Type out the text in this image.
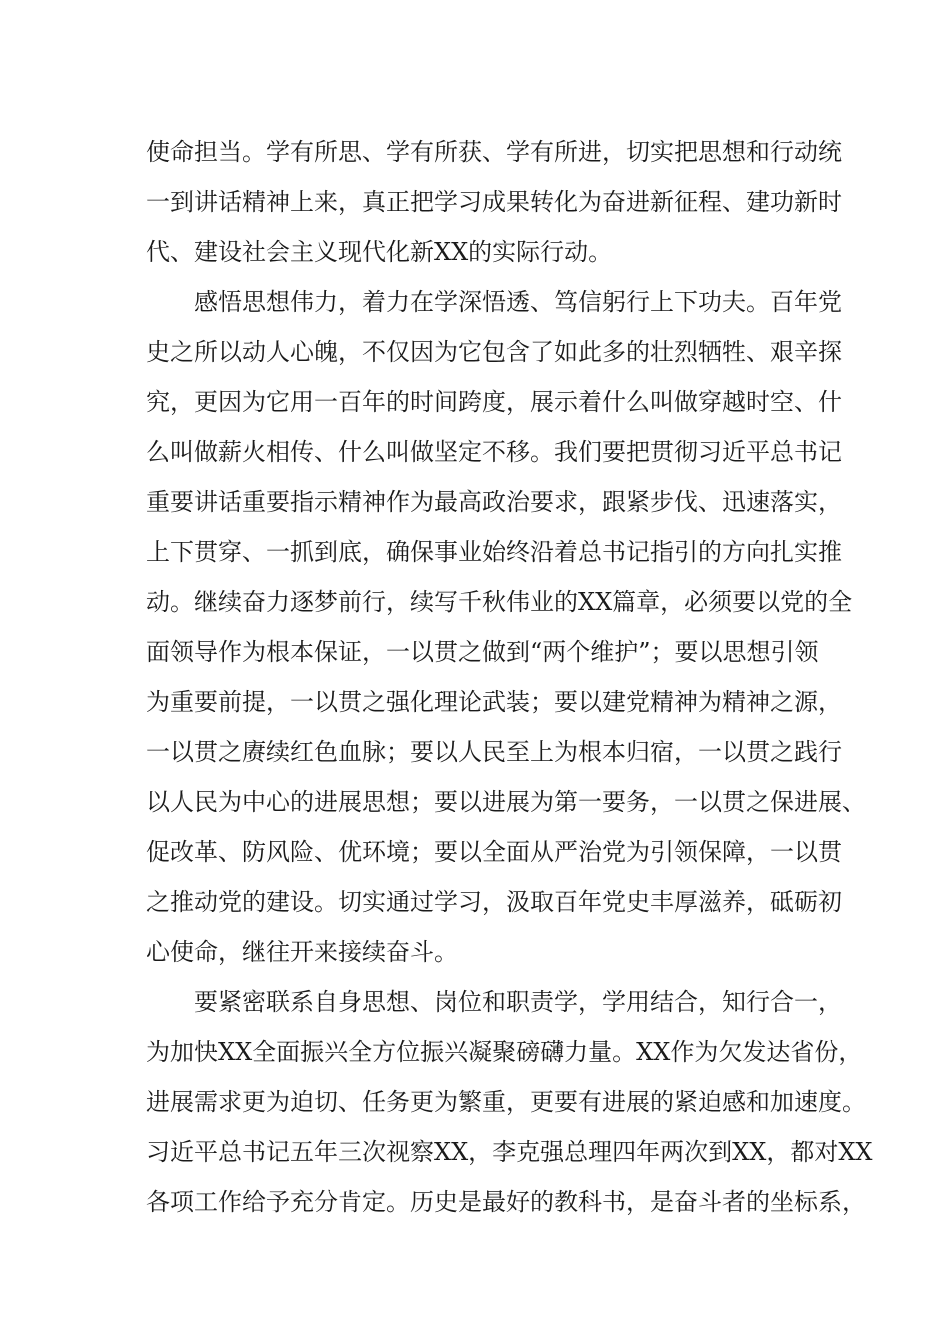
使命担当。学有所思、学有所获、学有所进，切实把思想和行动统
一到讲话精神上来，真正把学习成果转化为奋进新征程、建功新时
代、建设社会主义现代化新XX的实际行动。
感悟思想伟力，着力在学深悟透、笃信躬行上下功夫。百年党
史之所以动人心魄，不仅因为它包含了如此多的壮烈牺牲、艰辛探
究，更因为它用一百年的时间跨度，展示着什么叫做穿越时空、什
么叫做薪火相传、什么叫做坚定不移。我们要把贯彻习近平总书记
重要讲话重要指示精神作为最高政治要求，跟紧步伐、迅速落实，
上下贯穿、一抓到底，确保事业始终沿着总书记指引的方向扎实推
动。继续奋力逐梦前行，续写千秋伟业的XX篇章，必须要以党的全
面领导作为根本保证，一以贯之做到“两个维护”；要以思想引领
为重要前提，一以贯之强化理论武装；要以建党精神为精神之源，
一以贯之赓续红色血脉；要以人民至上为根本归宿，一以贯之践行
以人民为中心的进展思想；要以进展为第一要务，一以贯之保进展、
促改革、防风险、优环境；要以全面从严治党为引领保障，一以贯
之推动党的建设。切实通过学习，汲取百年党史丰厚滋养，砥砺初
心使命，继往开来接续奋斗。
要紧密联系自身思想、岗位和职责学，学用结合，知行合一，
为加快XX全面振兴全方位振兴凝聚磅礴力量。XX作为欠发达省份，
进展需求更为迫切、任务更为繁重，更要有进展的紧迫感和加速度。
习近平总书记五年三次视察XX，李克强总理四年两次到XX，都对XX
各项工作给予充分肯定。历史是最好的教科书，是奋斗者的坐标系，
